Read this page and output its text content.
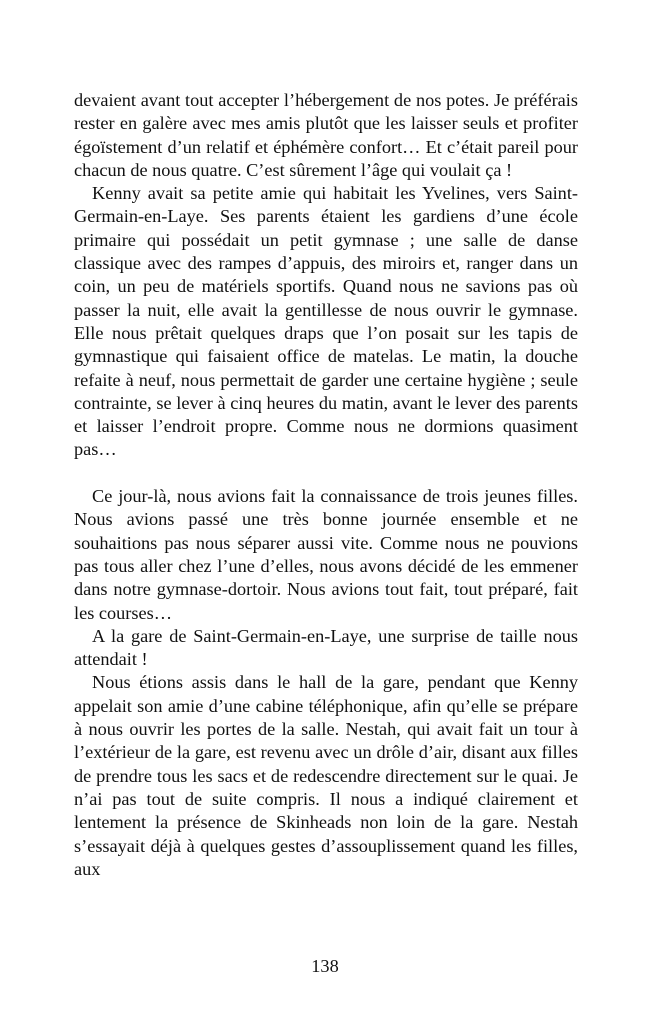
devaient avant tout accepter l’hébergement de nos potes. Je préférais rester en galère avec mes amis plutôt que les laisser seuls et profiter égoïstement d’un relatif et éphémère confort… Et c’était pareil pour chacun de nous quatre. C’est sûrement l’âge qui voulait ça !

Kenny avait sa petite amie qui habitait les Yvelines, vers Saint-Germain-en-Laye. Ses parents étaient les gardiens d’une école primaire qui possédait un petit gymnase ; une salle de danse classique avec des rampes d’appuis, des miroirs et, ranger dans un coin, un peu de matériels sportifs. Quand nous ne savions pas où passer la nuit, elle avait la gentillesse de nous ouvrir le gymnase. Elle nous prêtait quelques draps que l’on posait sur les tapis de gymnastique qui faisaient office de matelas. Le matin, la douche refaite à neuf, nous permettait de garder une certaine hygiène ; seule contrainte, se lever à cinq heures du matin, avant le lever des parents et laisser l’endroit propre. Comme nous ne dormions quasiment pas…

Ce jour-là, nous avions fait la connaissance de trois jeunes filles. Nous avions passé une très bonne journée ensemble et ne souhaitions pas nous séparer aussi vite. Comme nous ne pouvions pas tous aller chez l’une d’elles, nous avons décidé de les emmener dans notre gymnase-dortoir. Nous avions tout fait, tout préparé, fait les courses…

A la gare de Saint-Germain-en-Laye, une surprise de taille nous attendait !

Nous étions assis dans le hall de la gare, pendant que Kenny appelait son amie d’une cabine téléphonique, afin qu’elle se prépare à nous ouvrir les portes de la salle. Nestah, qui avait fait un tour à l’extérieur de la gare, est revenu avec un drôle d’air, disant aux filles de prendre tous les sacs et de redescendre directement sur le quai. Je n’ai pas tout de suite compris. Il nous a indiqué clairement et lentement la présence de Skinheads non loin de la gare. Nestah s’essayait déjà à quelques gestes d’assouplissement quand les filles, aux

138
